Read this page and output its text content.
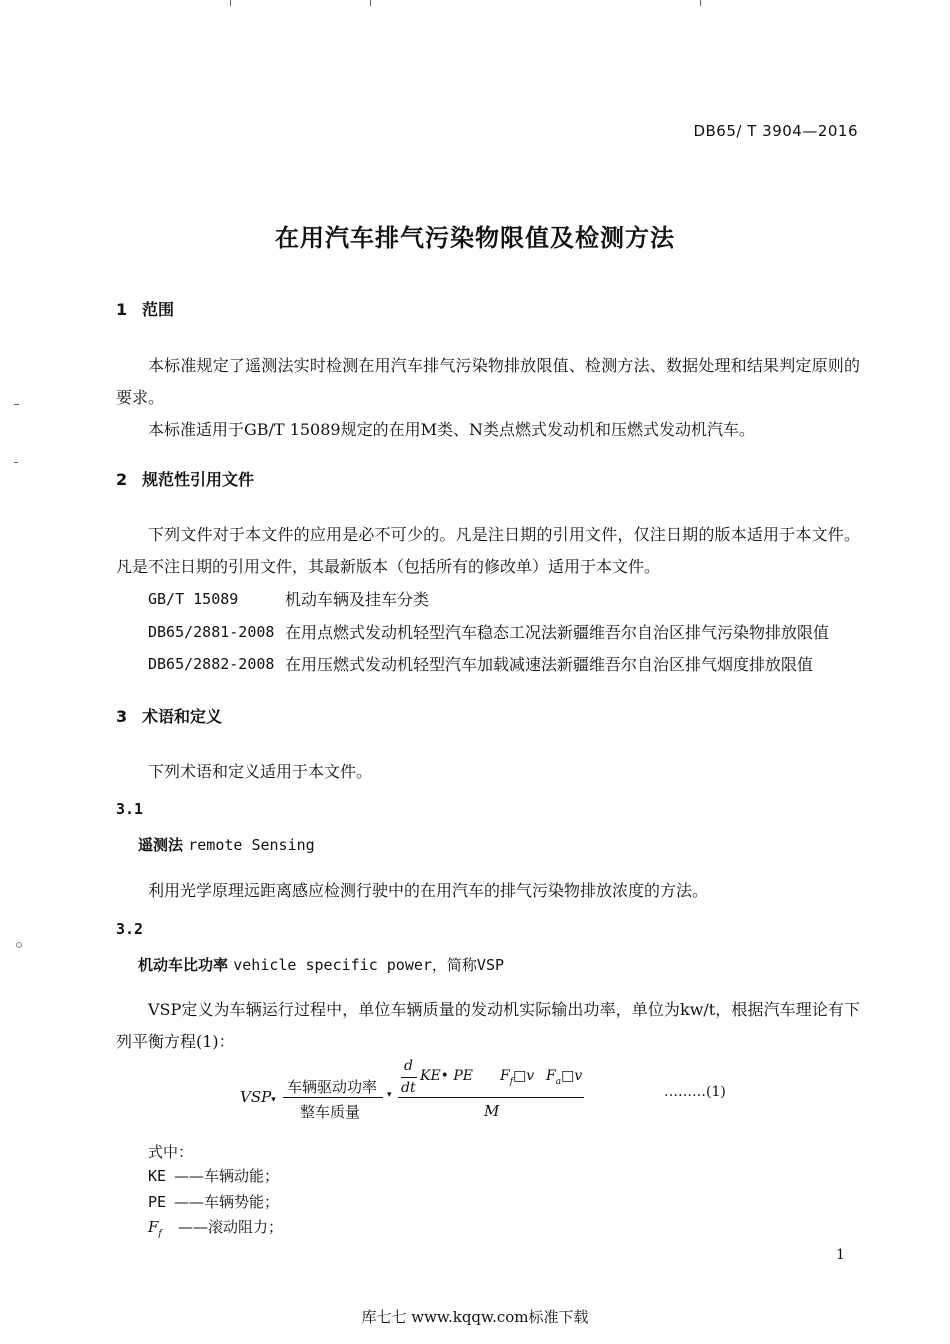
DB65/ T 3904—2016
在用汽车排气污染物限值及检测方法
1 范围
本标准规定了遥测法实时检测在用汽车排气污染物排放限值、检测方法、数据处理和结果判定原则的要求。
本标准适用于GB/T 15089规定的在用M类、N类点燃式发动机和压燃式发动机汽车。
2 规范性引用文件
下列文件对于本文件的应用是必不可少的。凡是注日期的引用文件，仅注日期的版本适用于本文件。凡是不注日期的引用文件，其最新版本（包括所有的修改单）适用于本文件。
GB/T 15089	机动车辆及挂车分类
DB65/2881-2008 在用点燃式发动机轻型汽车稳态工况法新疆维吾尔自治区排气污染物排放限值
DB65/2882-2008 在用压燃式发动机轻型汽车加载减速法新疆维吾尔自治区排气烟度排放限值
3 术语和定义
下列术语和定义适用于本文件。
3.1
遥测法 remote Sensing
利用光学原理远距离感应检测行驶中的在用汽车的排气污染物排放浓度的方法。
3.2
机动车比功率 vehicle specific power，简称VSP
VSP定义为车辆运行过程中，单位车辆质量的发动机实际输出功率，单位为kw/t，根据汽车理论有下列平衡方程(1)：
VSP▾
车辆驱动功率
整车质量
▾
d
dt
KE• PE $F_f□v$ $F_a□v$
M
………(1)
式中：
KE ——车辆动能；
PE ——车辆势能；
$F_f$ ——滚动阻力；
1
库七七 www.kqqw.com标准下载
